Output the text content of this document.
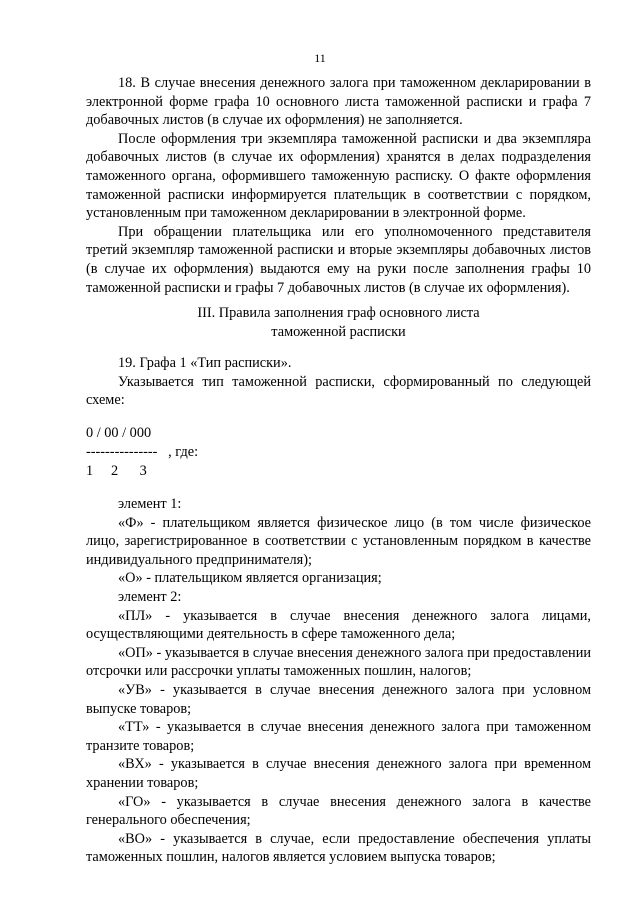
11

18. В случае внесения денежного залога при таможенном декларировании в электронной форме графа 10 основного листа таможенной расписки и графа 7 добавочных листов (в случае их оформления) не заполняется.

После оформления три экземпляра таможенной расписки и два экземпляра добавочных листов (в случае их оформления) хранятся в делах подразделения таможенного органа, оформившего таможенную расписку. О факте оформления таможенной расписки информируется плательщик в соответствии с порядком, установленным при таможенном декларировании в электронной форме.

При обращении плательщика или его уполномоченного представителя третий экземпляр таможенной расписки и вторые экземпляры добавочных листов (в случае их оформления) выдаются ему на руки после заполнения графы 10 таможенной расписки и графы 7 добавочных листов (в случае их оформления).

III. Правила заполнения граф основного листа
таможенной расписки

19. Графа 1 «Тип расписки».

Указывается тип таможенной расписки, сформированный по следующей схеме:

0 / 00 / 000
--------------- , где:
1 2 3

элемент 1:

«Ф» - плательщиком является физическое лицо (в том числе физическое лицо, зарегистрированное в соответствии с установленным порядком в качестве индивидуального предпринимателя);

«О» - плательщиком является организация;

элемент 2:

«ПЛ» - указывается в случае внесения денежного залога лицами, осуществляющими деятельность в сфере таможенного дела;

«ОП» - указывается в случае внесения денежного залога при предоставлении отсрочки или рассрочки уплаты таможенных пошлин, налогов;

«УВ» - указывается в случае внесения денежного залога при условном выпуске товаров;

«ТТ» - указывается в случае внесения денежного залога при таможенном транзите товаров;

«ВХ» - указывается в случае внесения денежного залога при временном хранении товаров;

«ГО» - указывается в случае внесения денежного залога в качестве генерального обеспечения;

«ВО» - указывается в случае, если предоставление обеспечения уплаты таможенных пошлин, налогов является условием выпуска товаров;
